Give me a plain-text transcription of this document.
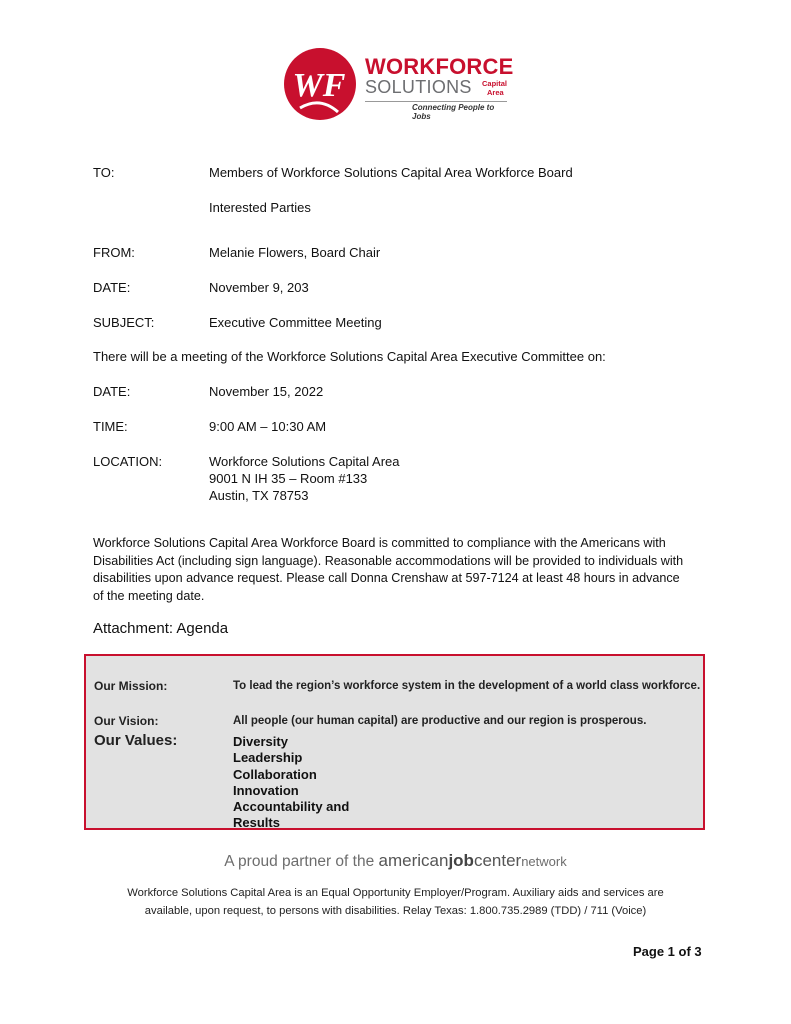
WF
WORKFORCE
SOLUTIONS Capital
Area
Connecting People to Jobs
TO:	Members of Workforce Solutions Capital Area Workforce Board
Interested Parties
FROM:	Melanie Flowers, Board Chair
DATE:	November 9, 203
SUBJECT:	Executive Committee Meeting
There will be a meeting of the Workforce Solutions Capital Area Executive Committee on:
DATE:	November 15, 2022
TIME:	9:00 AM – 10:30 AM
LOCATION:	Workforce Solutions Capital Area
9001 N IH 35 – Room #133
Austin, TX 78753
Workforce Solutions Capital Area Workforce Board is committed to compliance with the Americans with
Disabilities Act (including sign language). Reasonable accommodations will be provided to individuals with
disabilities upon advance request. Please call Donna Crenshaw at 597-7124 at least 48 hours in advance
of the meeting date.
Attachment: Agenda
Our Mission:	To lead the region’s workforce system in the development of a world class workforce.
Our Vision:	All people (our human capital) are productive and our region is prosperous.
Our Values:	Diversity
Leadership
Collaboration
Innovation
Accountability and
Results
A proud partner of the americanjobcenternetwork
Workforce Solutions Capital Area is an Equal Opportunity Employer/Program. Auxiliary aids and services are
available, upon request, to persons with disabilities. Relay Texas: 1.800.735.2989 (TDD) / 711 (Voice)
Page 1 of 3
